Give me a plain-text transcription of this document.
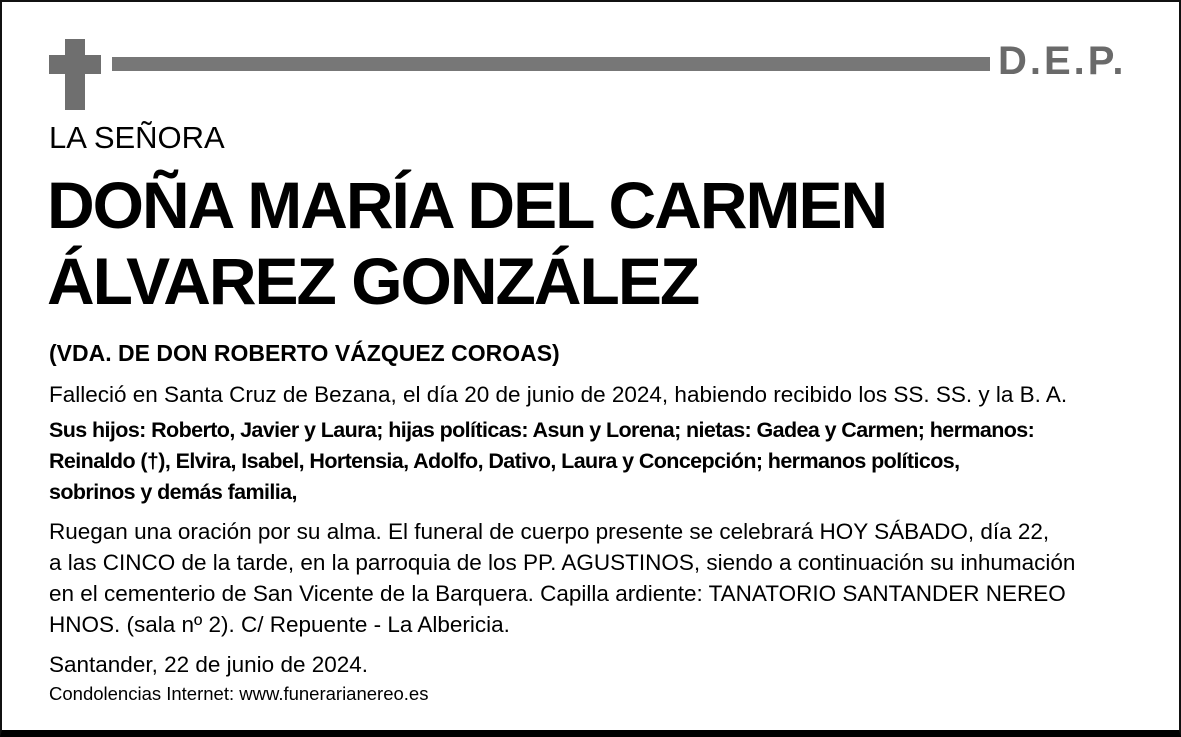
D.E.P.
LA SEÑORA
DOÑA MARÍA DEL CARMEN
ÁLVAREZ GONZÁLEZ
(VDA. DE DON ROBERTO VÁZQUEZ COROAS)
Falleció en Santa Cruz de Bezana, el día 20 de junio de 2024, habiendo recibido los SS. SS. y la B. A.
Sus hijos: Roberto, Javier y Laura; hijas políticas: Asun y Lorena; nietas: Gadea y Carmen; hermanos:
Reinaldo (†), Elvira, Isabel, Hortensia, Adolfo, Dativo, Laura y Concepción; hermanos políticos,
sobrinos y demás familia,
Ruegan una oración por su alma. El funeral de cuerpo presente se celebrará HOY SÁBADO, día 22,
a las CINCO de la tarde, en la parroquia de los PP. AGUSTINOS, siendo a continuación su inhumación
en el cementerio de San Vicente de la Barquera. Capilla ardiente: TANATORIO SANTANDER NEREO
HNOS. (sala nº 2). C/ Repuente - La Albericia.
Santander, 22 de junio de 2024.
Condolencias Internet: www.funerarianereo.es
